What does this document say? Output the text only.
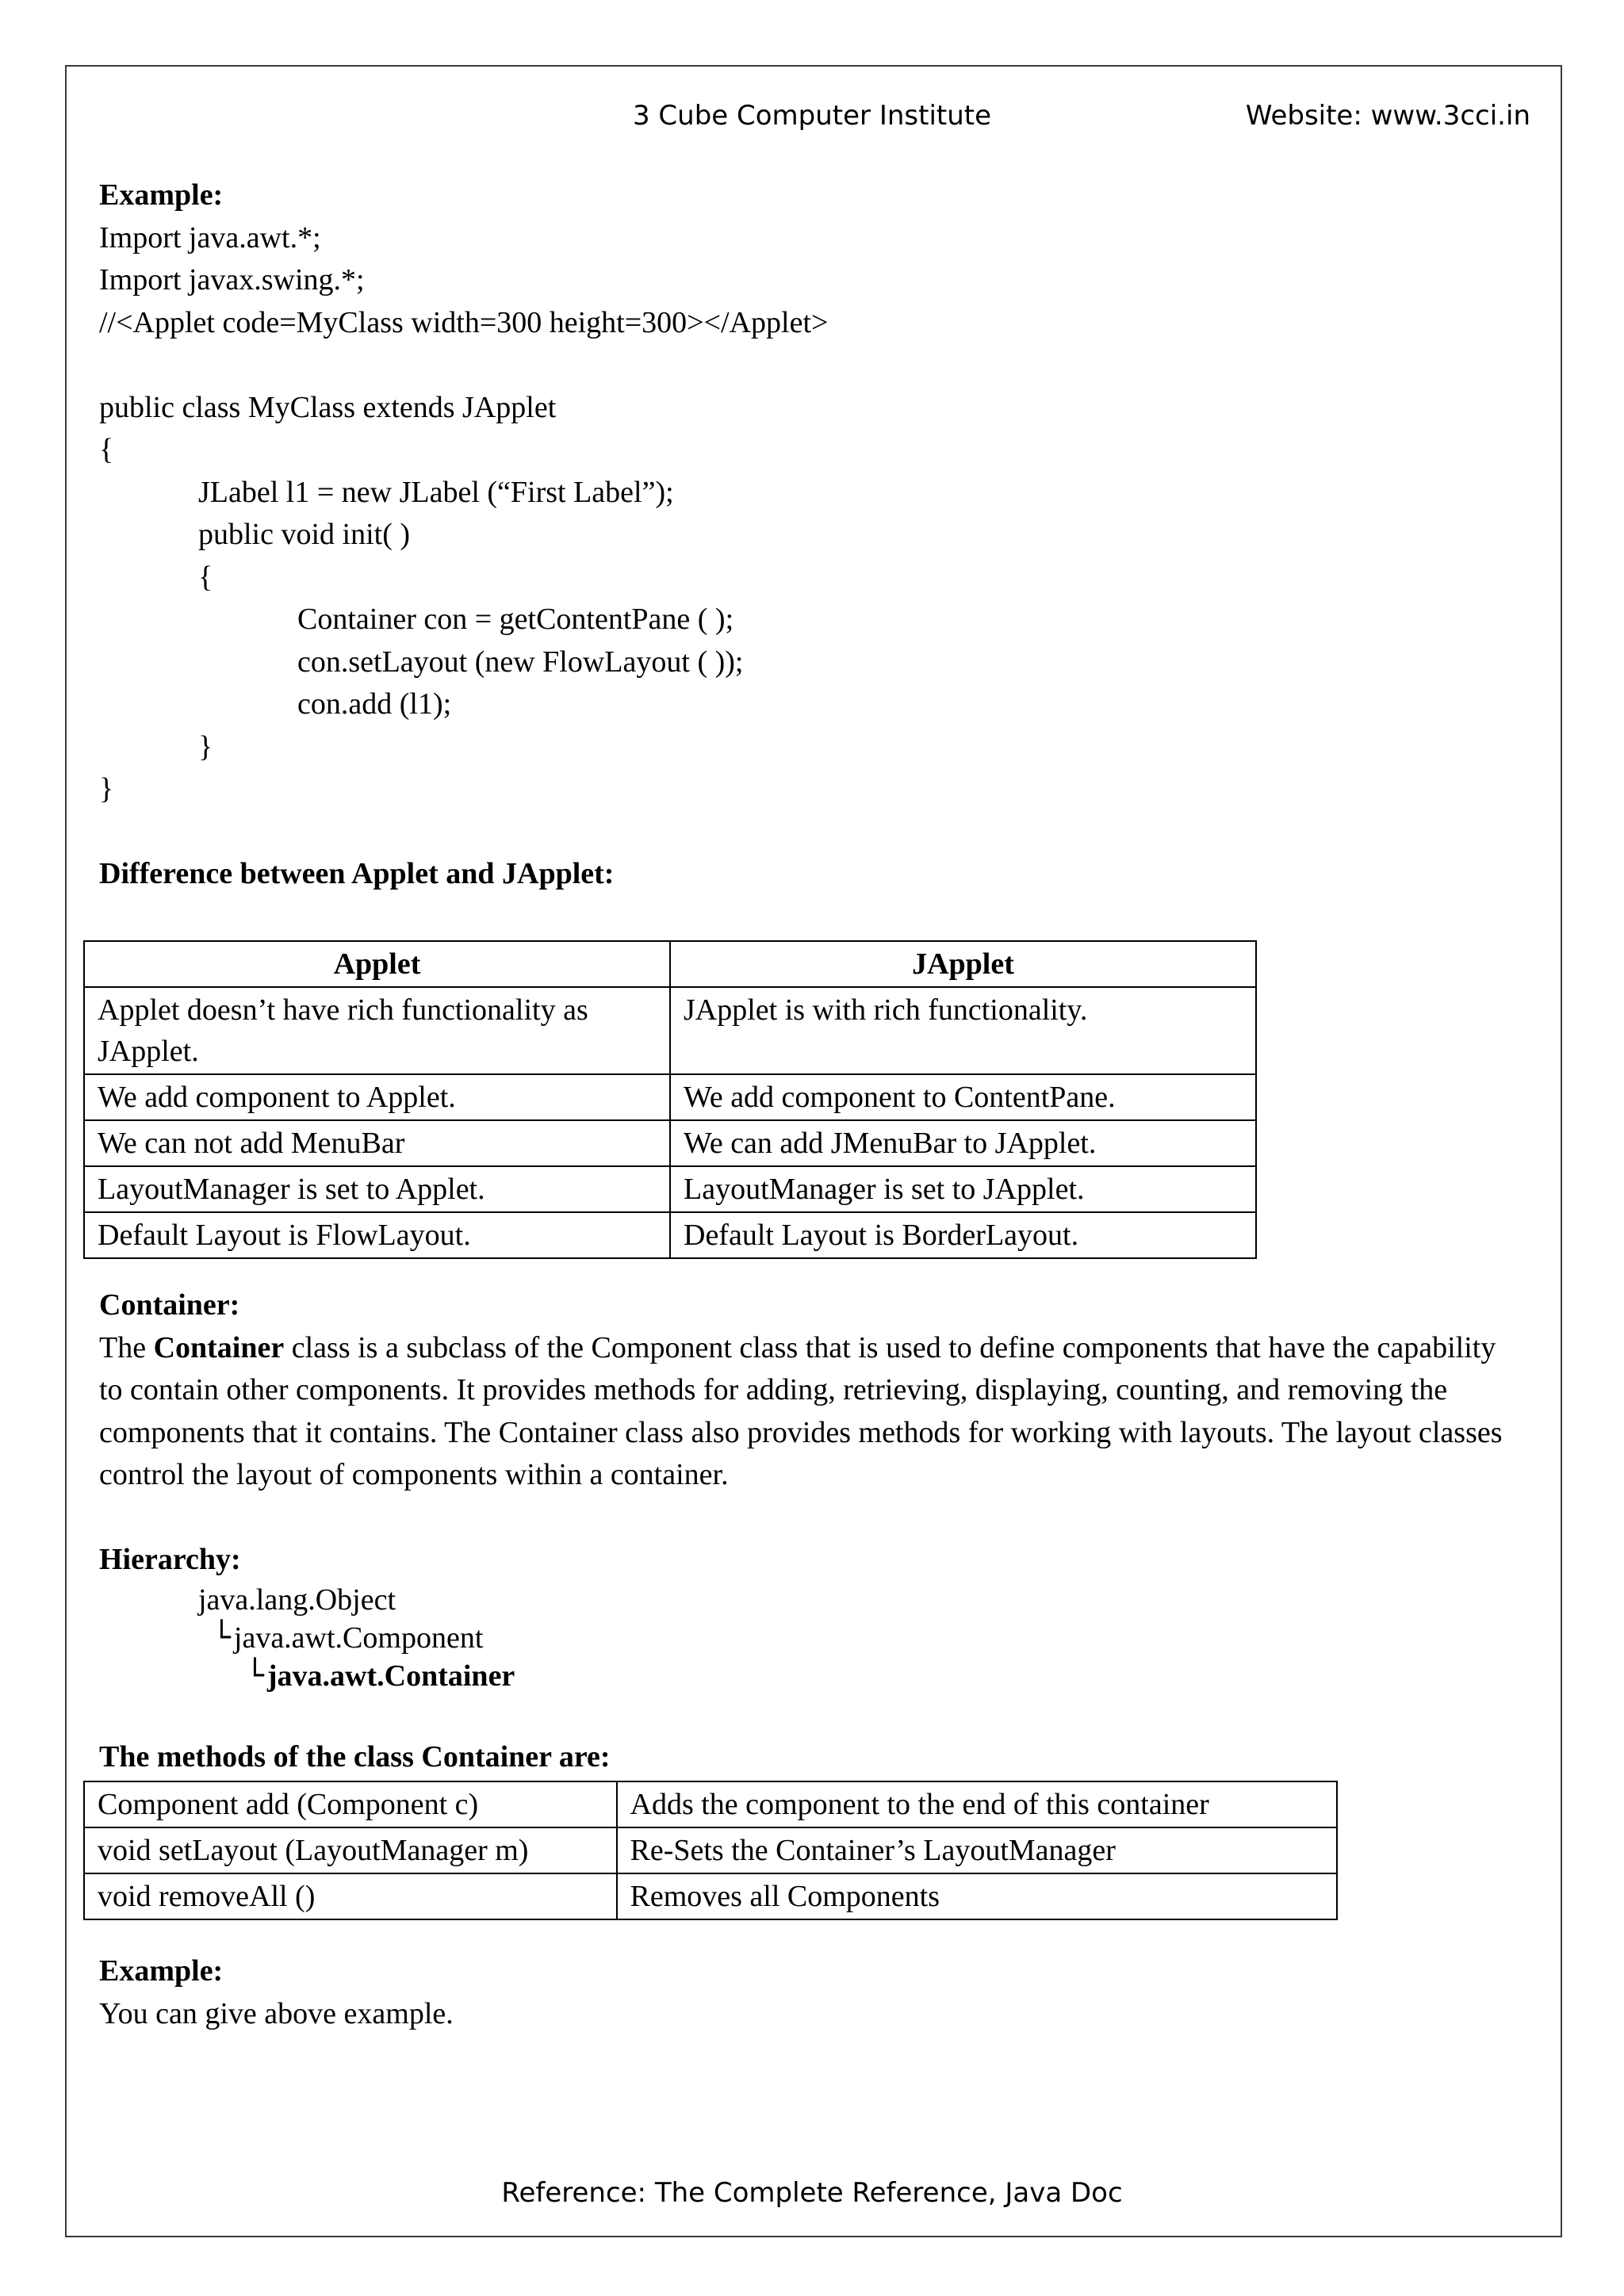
3 Cube Computer Institute	Website: www.3cci.in
Example:
Import java.awt.*;
Import javax.swing.*;
//<Applet code=MyClass width=300 height=300></Applet>
public class MyClass extends JApplet
{
JLabel l1 = new JLabel (“First Label”);
public void init( )
{
Container con = getContentPane ( );
con.setLayout (new FlowLayout ( ));
con.add (l1);
}
}
Difference between Applet and JApplet:
Applet	JApplet
Applet doesn’t have rich functionality as JApplet.	JApplet is with rich functionality.
We add component to Applet.	We add component to ContentPane.
We can not add MenuBar	We can add JMenuBar to JApplet.
LayoutManager is set to Applet.	LayoutManager is set to JApplet.
Default Layout is FlowLayout.	Default Layout is BorderLayout.
Container:
The Container class is a subclass of the Component class that is used to define components that have the capability to contain other components. It provides methods for adding, retrieving, displaying, counting, and removing the components that it contains. The Container class also provides methods for working with layouts. The layout classes control the layout of components within a container.
Hierarchy:
java.lang.Object
└ java.awt.Component
└ java.awt.Container
The methods of the class Container are:
Component add (Component c)	Adds the component to the end of this container
void setLayout (LayoutManager m)	Re-Sets the Container’s LayoutManager
void removeAll ()	Removes all Components
Example:
You can give above example.
Reference: The Complete Reference, Java Doc
